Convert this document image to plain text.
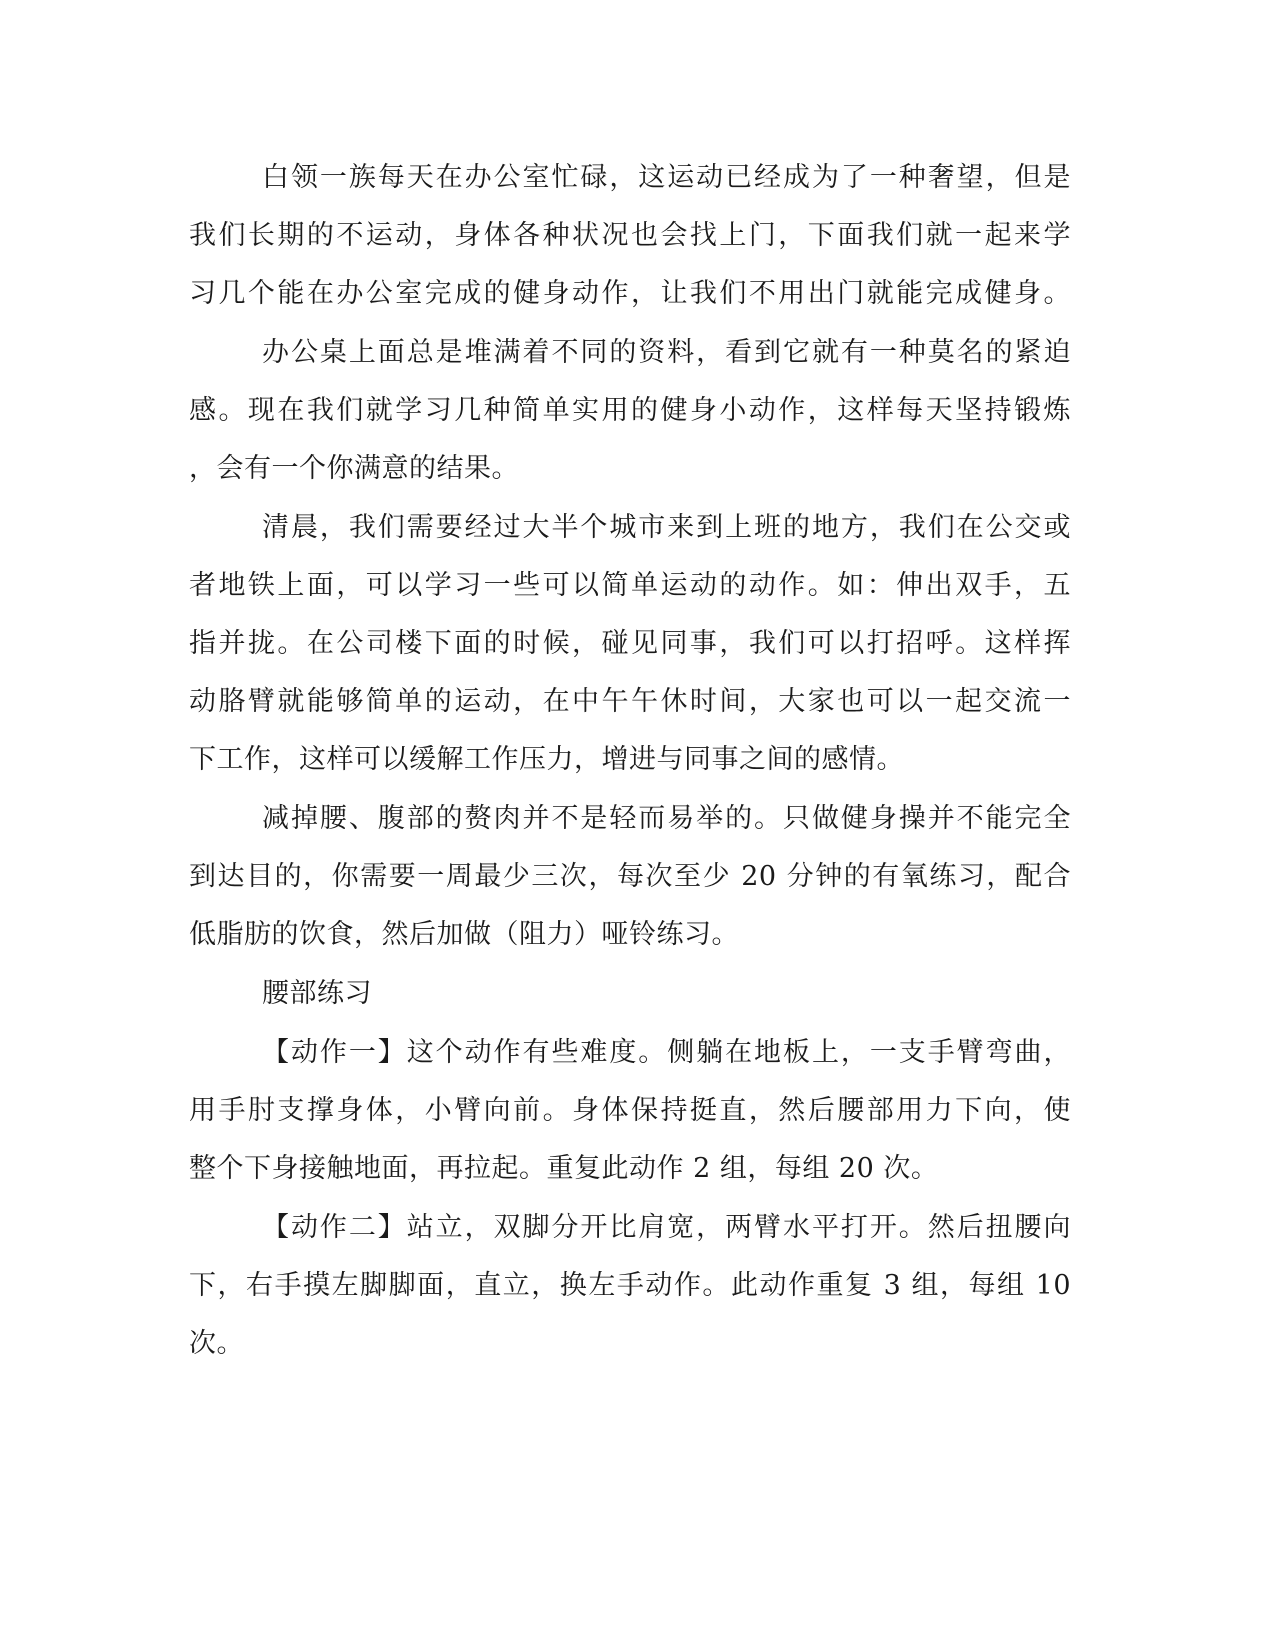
白领一族每天在办公室忙碌，这运动已经成为了一种奢望，但是
我们长期的不运动，身体各种状况也会找上门，下面我们就一起来学
习几个能在办公室完成的健身动作，让我们不用出门就能完成健身。
办公桌上面总是堆满着不同的资料，看到它就有一种莫名的紧迫
感。现在我们就学习几种简单实用的健身小动作，这样每天坚持锻炼
，会有一个你满意的结果。
清晨，我们需要经过大半个城市来到上班的地方，我们在公交或
者地铁上面，可以学习一些可以简单运动的动作。如：伸出双手，五
指并拢。在公司楼下面的时候，碰见同事，我们可以打招呼。这样挥
动胳臂就能够简单的运动，在中午午休时间，大家也可以一起交流一
下工作，这样可以缓解工作压力，增进与同事之间的感情。
减掉腰、腹部的赘肉并不是轻而易举的。只做健身操并不能完全
到达目的，你需要一周最少三次，每次至少 20 分钟的有氧练习，配合
低脂肪的饮食，然后加做（阻力）哑铃练习。
腰部练习
【动作一】这个动作有些难度。侧躺在地板上，一支手臂弯曲，
用手肘支撑身体，小臂向前。身体保持挺直，然后腰部用力下向，使
整个下身接触地面，再拉起。重复此动作 2 组，每组 20 次。
【动作二】站立，双脚分开比肩宽，两臂水平打开。然后扭腰向
下，右手摸左脚脚面，直立，换左手动作。此动作重复 3 组，每组 10
次。
